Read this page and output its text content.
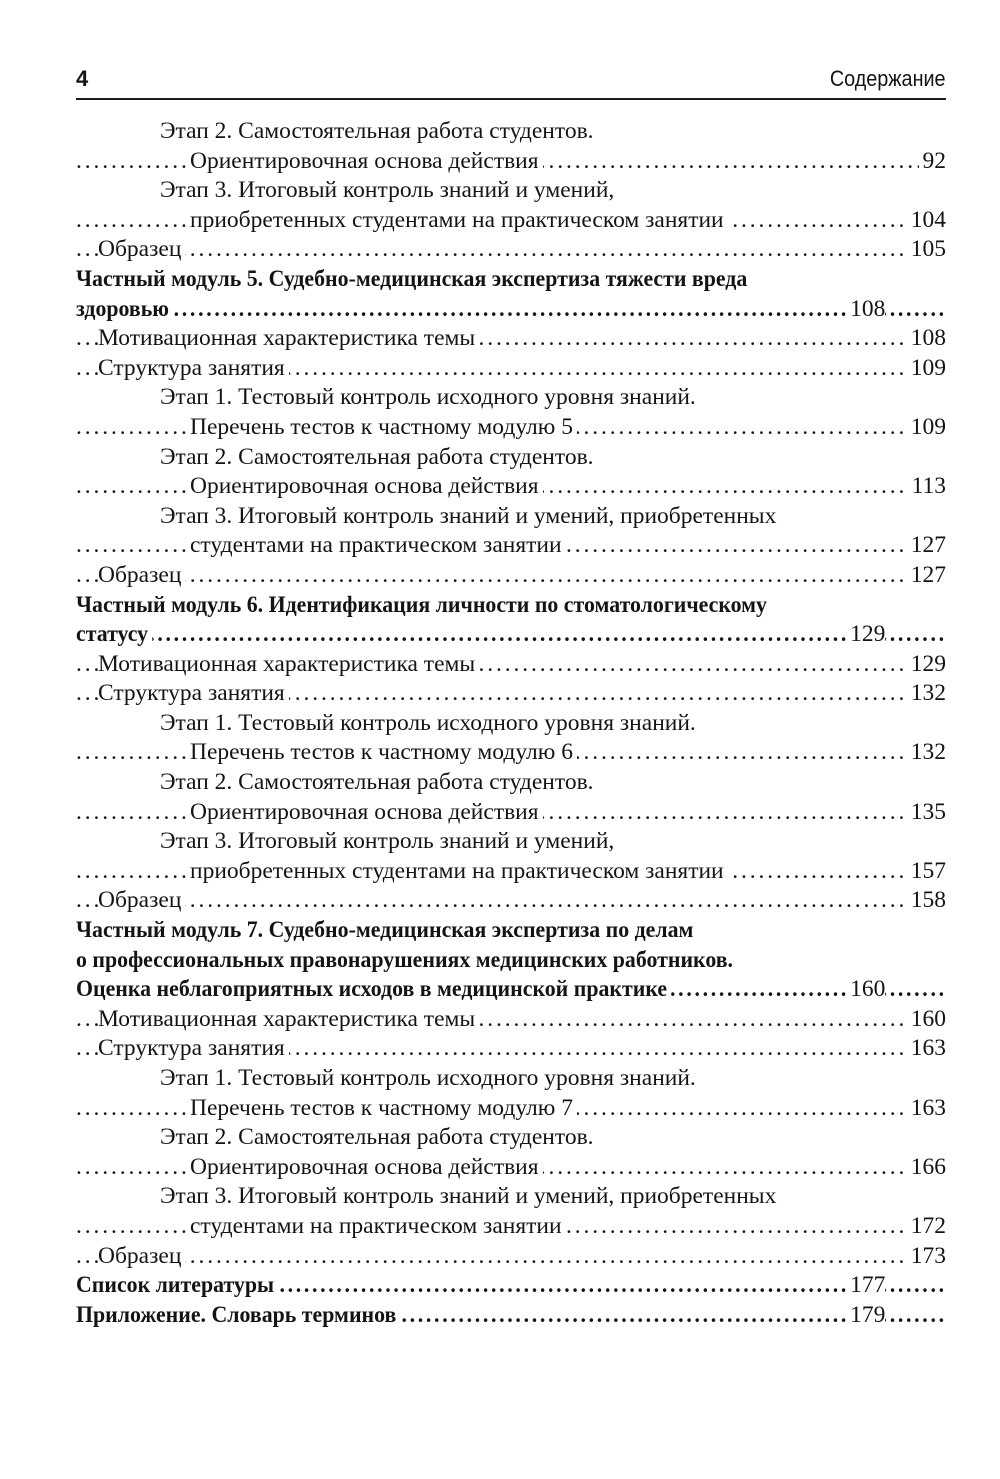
4	Содержание
Этап 2. Самостоятельная работа студентов.
. . .
Ориентировочная основа действия	92
Этап 3. Итоговый контроль знаний и умений,
. . .
приобретенных студентами на практическом занятии	104
. . .
Образец	105
Частный модуль 5. Судебно-медицинская экспертиза тяжести вреда
. . .
здоровью	108
. . .
Мотивационная характеристика темы	108
. . .
Структура занятия	109
Этап 1. Тестовый контроль исходного уровня знаний.
. . .
Перечень тестов к частному модулю 5	109
Этап 2. Самостоятельная работа студентов.
. . .
Ориентировочная основа действия	113
Этап 3. Итоговый контроль знаний и умений, приобретенных
. . .
студентами на практическом занятии	127
. . .
Образец	127
Частный модуль 6. Идентификация личности по стоматологическому
. . .
статусу	129
. . .
Мотивационная характеристика темы	129
. . .
Структура занятия	132
Этап 1. Тестовый контроль исходного уровня знаний.
. . .
Перечень тестов к частному модулю 6	132
Этап 2. Самостоятельная работа студентов.
. . .
Ориентировочная основа действия	135
Этап 3. Итоговый контроль знаний и умений,
. . .
приобретенных студентами на практическом занятии	157
. . .
Образец	158
Частный модуль 7. Судебно-медицинская экспертиза по делам
о профессиональных правонарушениях медицинских работников.
. . .
Оценка неблагоприятных исходов в медицинской практике	160
. . .
Мотивационная характеристика темы	160
. . .
Структура занятия	163
Этап 1. Тестовый контроль исходного уровня знаний.
. . .
Перечень тестов к частному модулю 7	163
Этап 2. Самостоятельная работа студентов.
. . .
Ориентировочная основа действия	166
Этап 3. Итоговый контроль знаний и умений, приобретенных
. . .
студентами на практическом занятии	172
. . .
Образец	173
. . .
Список литературы	177
. . .
Приложение. Словарь терминов	179
